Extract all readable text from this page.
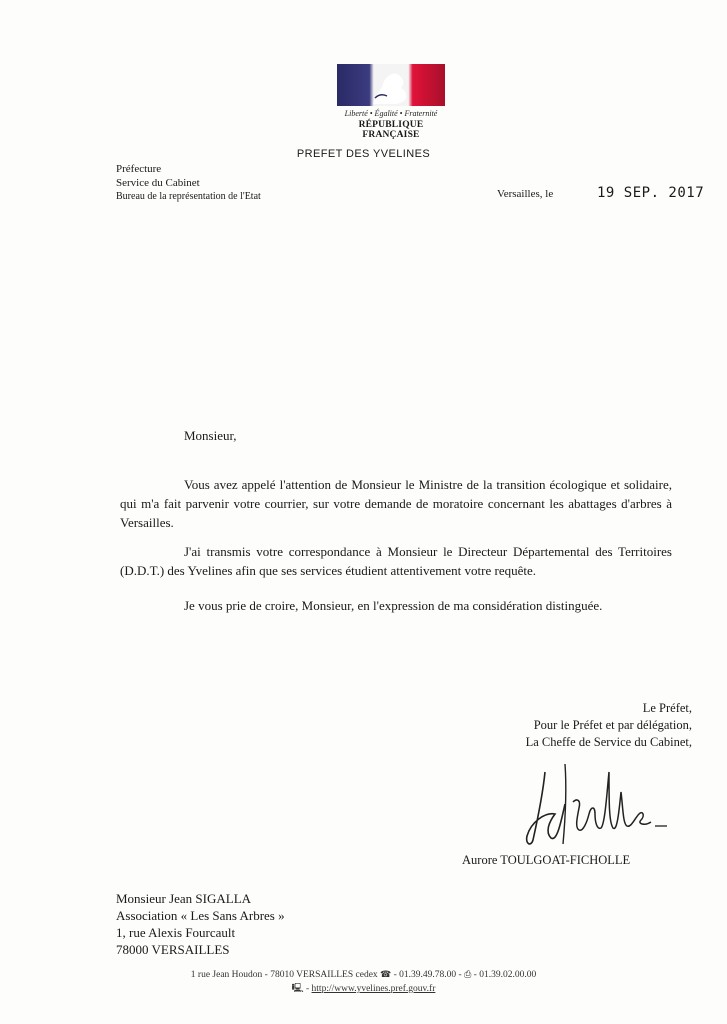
Liberté • Égalité • Fraternité
RÉPUBLIQUE FRANÇAISE
PREFET DES YVELINES
Préfecture
Service du Cabinet
Bureau de la représentation de l'Etat	Versailles, le	19 SEP. 2017
Monsieur,
Vous avez appelé l'attention de Monsieur le Ministre de la transition écologique et solidaire, qui m'a fait parvenir votre courrier, sur votre demande de moratoire concernant les abattages d'arbres à Versailles.
J'ai transmis votre correspondance à Monsieur le Directeur Départemental des Territoires (D.D.T.) des Yvelines afin que ses services étudient attentivement votre requête.
Je vous prie de croire, Monsieur, en l'expression de ma considération distinguée.
Le Préfet,
Pour le Préfet et par délégation,
La Cheffe de Service du Cabinet,
Aurore TOULGOAT-FICHOLLE
Monsieur Jean SIGALLA
Association « Les Sans Arbres »
1, rue Alexis Fourcault
78000 VERSAILLES
1 rue Jean Houdon - 78010 VERSAILLES cedex ☎ - 01.39.49.78.00 - ⎙ - 01.39.02.00.00
🖳 - http://www.yvelines.pref.gouv.fr
